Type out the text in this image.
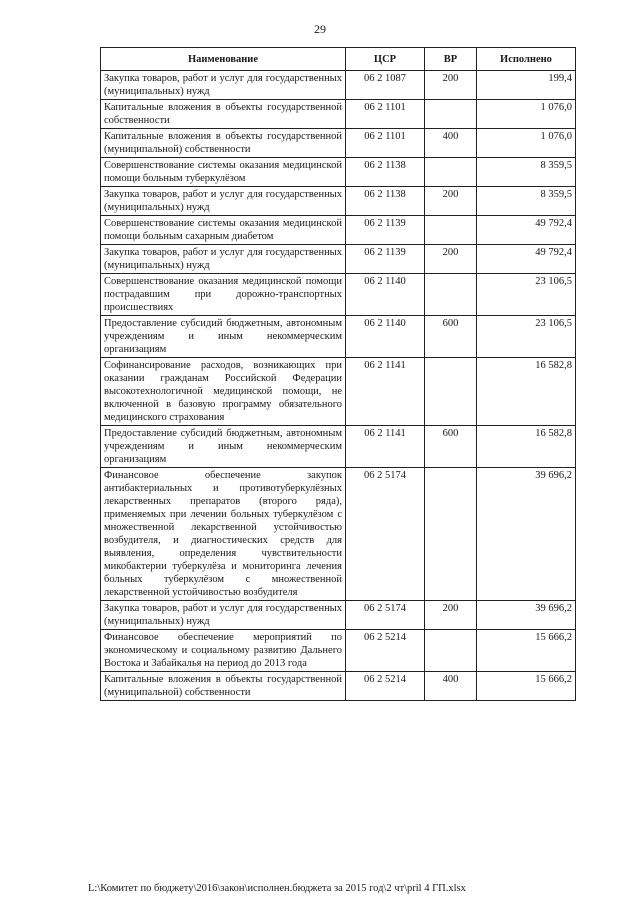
29
Наименование	ЦСР	ВР	Исполнено
Закупка товаров, работ и услуг для государственных (муниципальных) нужд	06 2 1087	200	199,4
Капитальные вложения в объекты государственной собственности	06 2 1101		1 076,0
Капитальные вложения в объекты государственной (муниципальной) собственности	06 2 1101	400	1 076,0
Совершенствование системы оказания медицинской помощи больным туберкулёзом	06 2 1138		8 359,5
Закупка товаров, работ и услуг для государственных (муниципальных) нужд	06 2 1138	200	8 359,5
Совершенствование системы оказания медицинской помощи больным сахарным диабетом	06 2 1139		49 792,4
Закупка товаров, работ и услуг для государственных (муниципальных) нужд	06 2 1139	200	49 792,4
Совершенствование оказания медицинской помощи пострадавшим при дорожно-транспортных происшествиях	06 2 1140		23 106,5
Предоставление субсидий бюджетным, автономным учреждениям и иным некоммерческим организациям	06 2 1140	600	23 106,5
Софинансирование расходов, возникающих при оказании гражданам Российской Федерации высокотехнологичной медицинской помощи, не включенной в базовую программу обязательного медицинского страхования	06 2 1141		16 582,8
Предоставление субсидий бюджетным, автономным учреждениям и иным некоммерческим организациям	06 2 1141	600	16 582,8
Финансовое обеспечение закупок антибактериальных и противотуберкулёзных лекарственных препаратов (второго ряда), применяемых при лечении больных туберкулёзом с множественной лекарственной устойчивостью возбудителя, и диагностических средств для выявления, определения чувствительности микобактерии туберкулёза и мониторинга лечения больных туберкулёзом с множественной лекарственной устойчивостью возбудителя	06 2 5174		39 696,2
Закупка товаров, работ и услуг для государственных (муниципальных) нужд	06 2 5174	200	39 696,2
Финансовое обеспечение мероприятий по экономическому и социальному развитию Дальнего Востока и Забайкалья на период до 2013 года	06 2 5214		15 666,2
Капитальные вложения в объекты государственной (муниципальной) собственности	06 2 5214	400	15 666,2
L:\Комитет по бюджету\2016\закон\исполнен.бюджета за 2015 год\2 чт\pril 4 ГП.xlsx
